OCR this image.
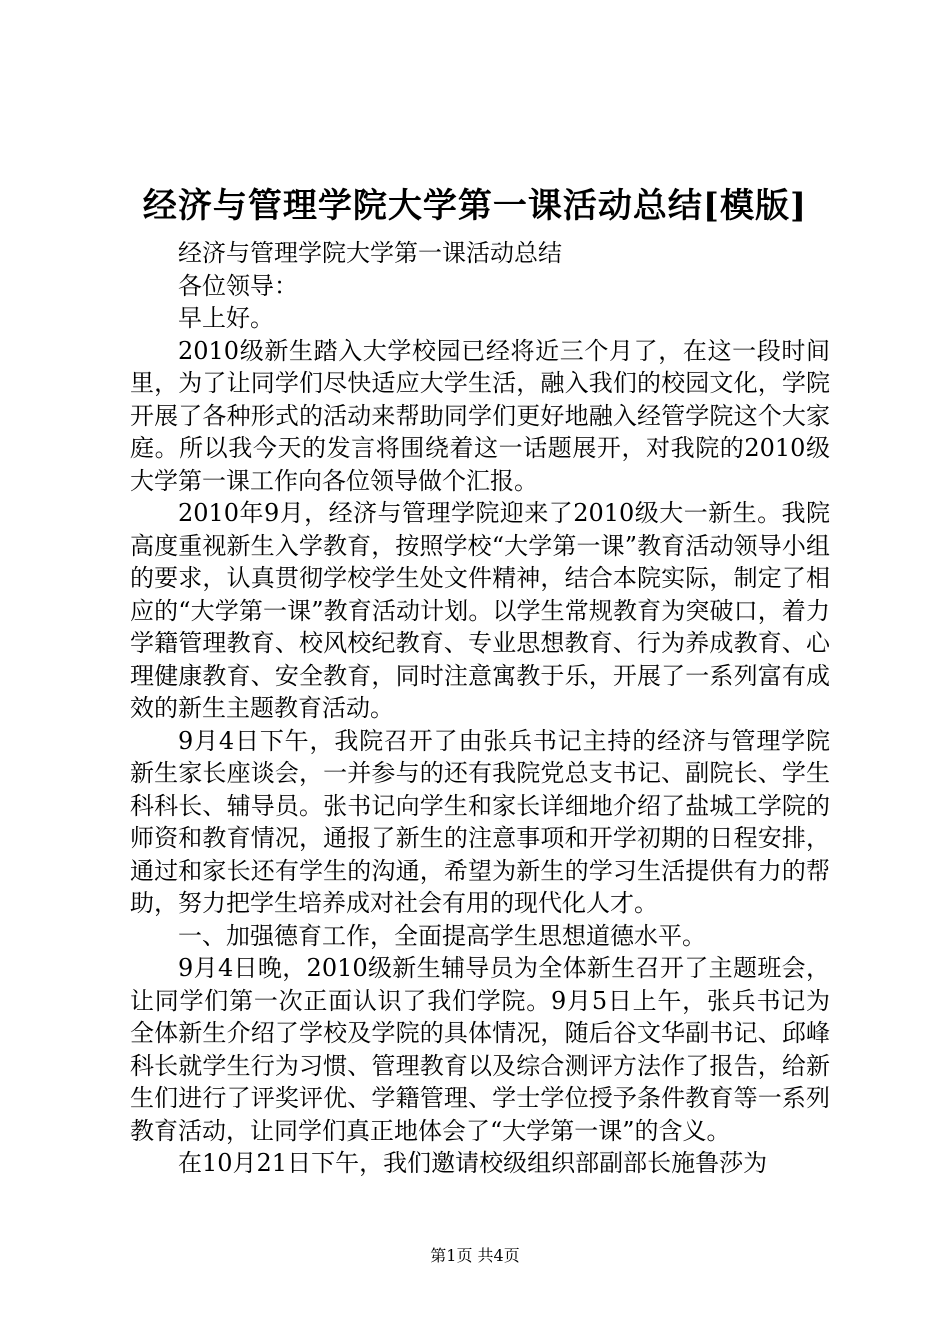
经济与管理学院大学第一课活动总结[模版]

经济与管理学院大学第一课活动总结

各位领导：

早上好。

2010级新生踏入大学校园已经将近三个月了，在这一段时间里，为了让同学们尽快适应大学生活，融入我们的校园文化，学院开展了各种形式的活动来帮助同学们更好地融入经管学院这个大家庭。所以我今天的发言将围绕着这一话题展开，对我院的2010级大学第一课工作向各位领导做个汇报。

2010年9月，经济与管理学院迎来了2010级大一新生。我院高度重视新生入学教育，按照学校“大学第一课”教育活动领导小组的要求，认真贯彻学校学生处文件精神，结合本院实际，制定了相应的“大学第一课”教育活动计划。以学生常规教育为突破口，着力学籍管理教育、校风校纪教育、专业思想教育、行为养成教育、心理健康教育、安全教育，同时注意寓教于乐，开展了一系列富有成效的新生主题教育活动。

9月4日下午，我院召开了由张兵书记主持的经济与管理学院新生家长座谈会，一并参与的还有我院党总支书记、副院长、学生科科长、辅导员。张书记向学生和家长详细地介绍了盐城工学院的师资和教育情况，通报了新生的注意事项和开学初期的日程安排，通过和家长还有学生的沟通，希望为新生的学习生活提供有力的帮助，努力把学生培养成对社会有用的现代化人才。

一、加强德育工作，全面提高学生思想道德水平。

9月4日晚，2010级新生辅导员为全体新生召开了主题班会，让同学们第一次正面认识了我们学院。9月5日上午，张兵书记为全体新生介绍了学校及学院的具体情况，随后谷文华副书记、邱峰科长就学生行为习惯、管理教育以及综合测评方法作了报告，给新生们进行了评奖评优、学籍管理、学士学位授予条件教育等一系列教育活动，让同学们真正地体会了“大学第一课”的含义。

在10月21日下午，我们邀请校级组织部副部长施鲁莎为

第1页 共4页
